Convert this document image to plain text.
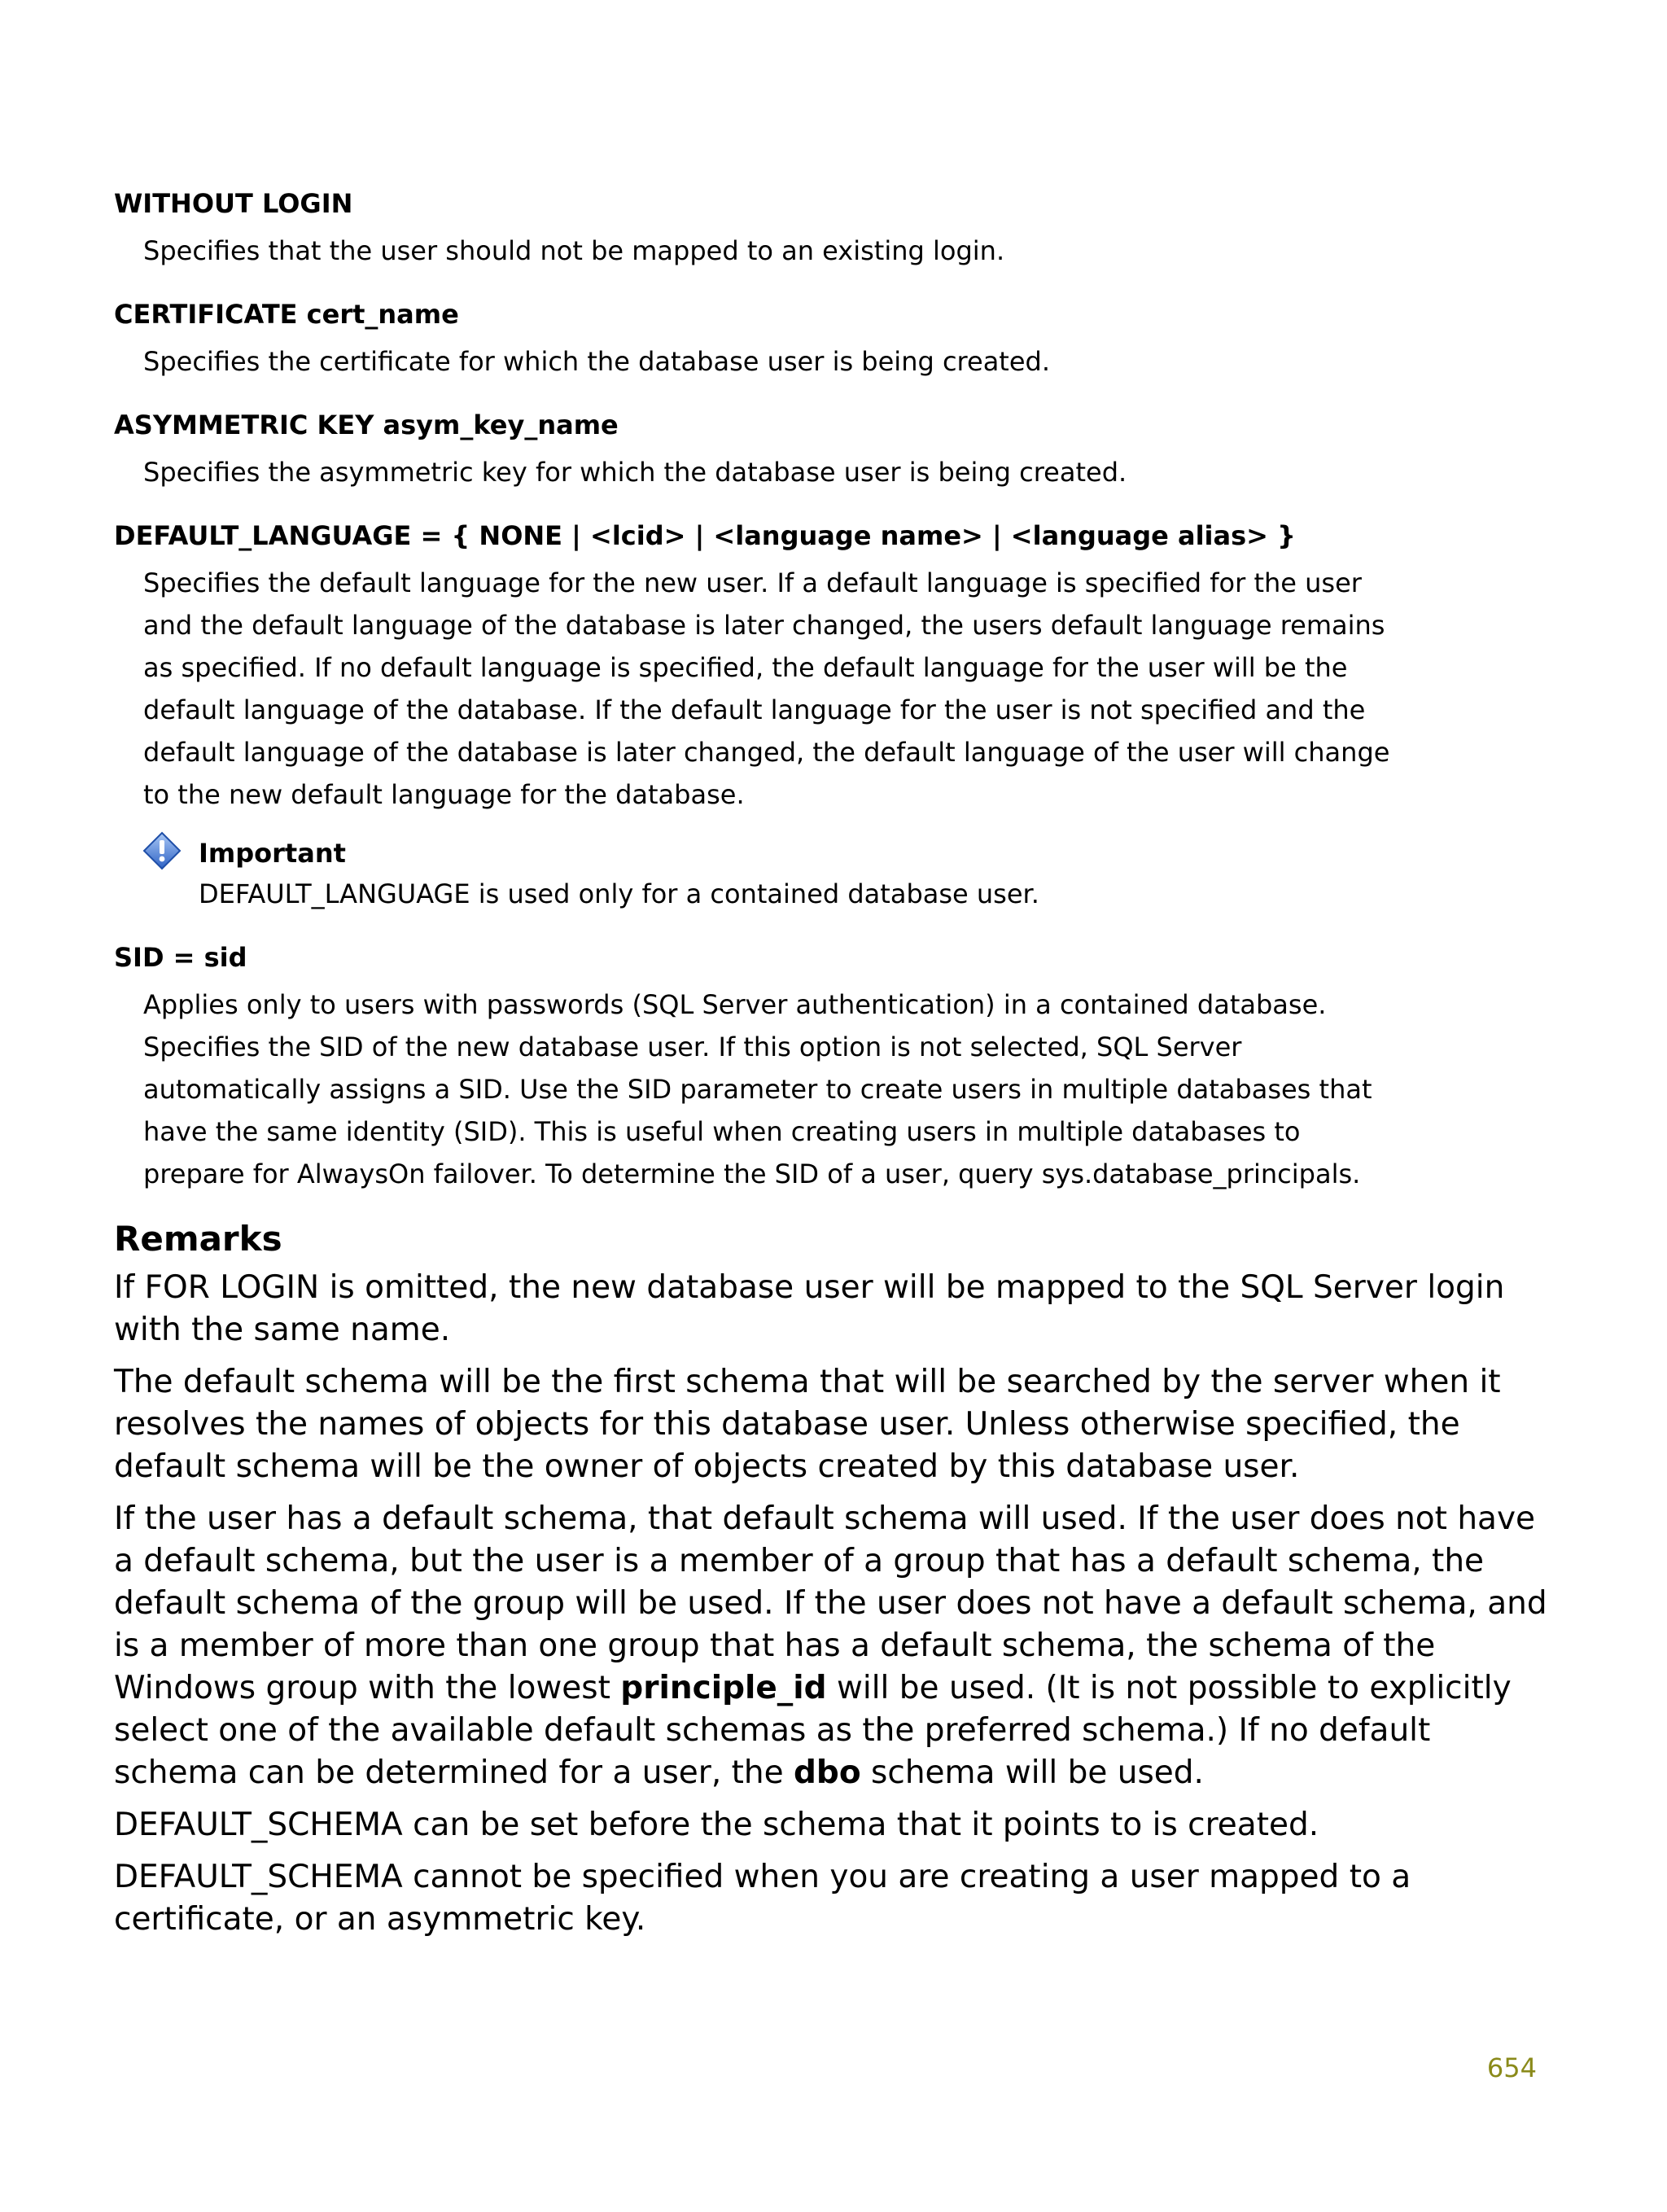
WITHOUT LOGIN

Specifies that the user should not be mapped to an existing login.

CERTIFICATE cert_name

Specifies the certificate for which the database user is being created.

ASYMMETRIC KEY asym_key_name

Specifies the asymmetric key for which the database user is being created.

DEFAULT_LANGUAGE = { NONE | <lcid> | <language name> | <language alias> }

Specifies the default language for the new user. If a default language is specified for the user and the default language of the database is later changed, the users default language remains as specified. If no default language is specified, the default language for the user will be the default language of the database. If the default language for the user is not specified and the default language of the database is later changed, the default language of the user will change to the new default language for the database.

Important

DEFAULT_LANGUAGE is used only for a contained database user.

SID = sid

Applies only to users with passwords (SQL Server authentication) in a contained database. Specifies the SID of the new database user. If this option is not selected, SQL Server automatically assigns a SID. Use the SID parameter to create users in multiple databases that have the same identity (SID). This is useful when creating users in multiple databases to prepare for AlwaysOn failover. To determine the SID of a user, query sys.database_principals.

Remarks

If FOR LOGIN is omitted, the new database user will be mapped to the SQL Server login with the same name.

The default schema will be the first schema that will be searched by the server when it resolves the names of objects for this database user. Unless otherwise specified, the default schema will be the owner of objects created by this database user.

If the user has a default schema, that default schema will used. If the user does not have a default schema, but the user is a member of a group that has a default schema, the default schema of the group will be used. If the user does not have a default schema, and is a member of more than one group that has a default schema, the schema of the Windows group with the lowest principle_id will be used. (It is not possible to explicitly select one of the available default schemas as the preferred schema.) If no default schema can be determined for a user, the dbo schema will be used.

DEFAULT_SCHEMA can be set before the schema that it points to is created.

DEFAULT_SCHEMA cannot be specified when you are creating a user mapped to a certificate, or an asymmetric key.

654
